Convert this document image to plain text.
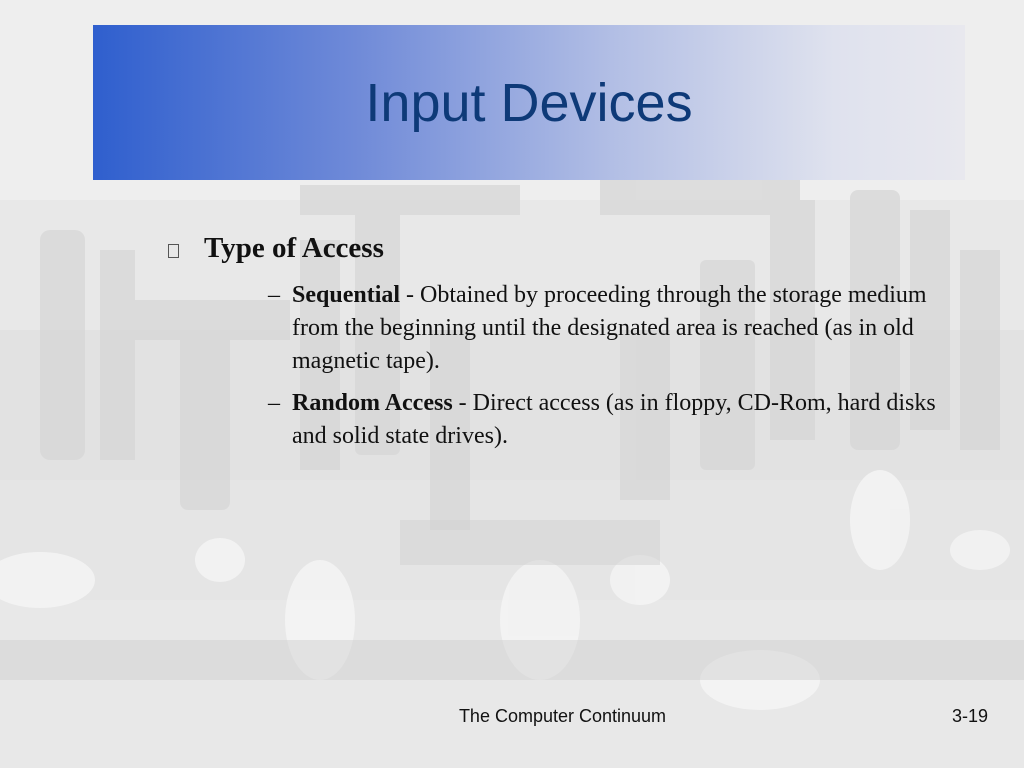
Input Devices
Type of Access
– Sequential - Obtained by proceeding through the storage medium from the beginning until the designated area is reached (as in old magnetic tape).
– Random Access - Direct access (as in floppy, CD-Rom, hard disks and solid state drives).
The Computer Continuum	3-19
